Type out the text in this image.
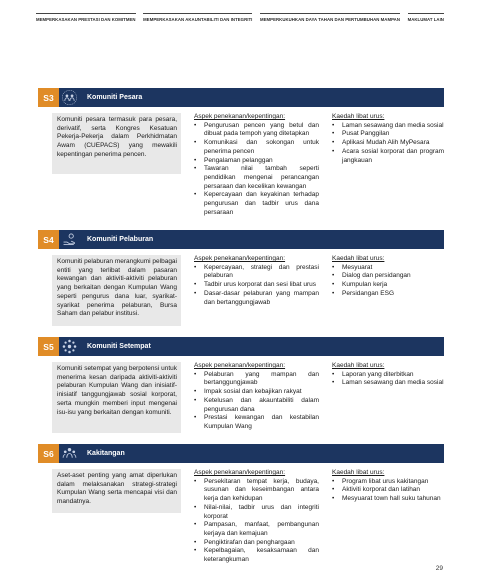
MEMPERKASAKAN PRESTASI DAN KOMITMEN MEMPERKASAKAN AKAUNTABILITI DAN INTEGRITI MEMPERKUKUHKAN DAYA TAHAN DAN PERTUMBUHAN MAMPAN MAKLUMAT LAIN
S3	Komuniti Pesara
Komuniti pesara termasuk para pesara, derivatif, serta Kongres Kesatuan Pekerja-Pekerja dalam Perkhidmatan Awam (CUEPACS) yang mewakili kepentingan penerima pencen.
Aspek penekanan/kepentingan:
• Pengurusan pencen yang betul dan dibuat pada tempoh yang ditetapkan
• Komunikasi dan sokongan untuk penerima pencen
• Pengalaman pelanggan
• Tawaran nilai tambah seperti pendidikan mengenai perancangan persaraan dan kecelikan kewangan
• Kepercayaan dan keyakinan terhadap pengurusan dan tadbir urus dana persaraan
Kaedah libat urus:
• Laman sesawang dan media sosial
• Pusat Panggilan
• Aplikasi Mudah Alih MyPesara
• Acara sosial korporat dan program jangkauan
S4	Komuniti Pelaburan
Komuniti pelaburan merangkumi pelbagai entiti yang terlibat dalam pasaran kewangan dan aktiviti-aktiviti pelaburan yang berkaitan dengan Kumpulan Wang seperti pengurus dana luar, syarikat-syarikat penerima pelaburan, Bursa Saham dan pelabur institusi.
Aspek penekanan/kepentingan:
• Kepercayaan, strategi dan prestasi pelaburan
• Tadbir urus korporat dan sesi libat urus
• Dasar-dasar pelaburan yang mampan dan bertanggungjawab
Kaedah libat urus:
• Mesyuarat
• Dialog dan persidangan
• Kumpulan kerja
• Persidangan ESG
S5	Komuniti Setempat
Komuniti setempat yang berpotensi untuk menerima kesan daripada aktiviti-aktiviti pelaburan Kumpulan Wang dan inisiatif-inisiatif tanggungjawab sosial korporat, serta mungkin memberi input mengenai isu-isu yang berkaitan dengan komuniti.
Aspek penekanan/kepentingan:
• Pelaburan yang mampan dan bertanggungjawab
• Impak sosial dan kebajikan rakyat
• Ketelusan dan akauntabiliti dalam pengurusan dana
• Prestasi kewangan dan kestabilan Kumpulan Wang
Kaedah libat urus:
• Laporan yang diterbitkan
• Laman sesawang dan media sosial
S6	Kakitangan
Aset-aset penting yang amat diperlukan dalam melaksanakan strategi-strategi Kumpulan Wang serta mencapai visi dan mandatnya.
Aspek penekanan/kepentingan:
• Persekitaran tempat kerja, budaya, susunan dan keseimbangan antara kerja dan kehidupan
• Nilai-nilai, tadbir urus dan integriti korporat
• Pampasan, manfaat, pembangunan kerjaya dan kemajuan
• Pengiktirafan dan penghargaan
• Kepelbagaian, kesaksamaan dan keterangkuman
Kaedah libat urus:
• Program libat urus kakitangan
• Aktiviti korporat dan latihan
• Mesyuarat town hall suku tahunan
29
